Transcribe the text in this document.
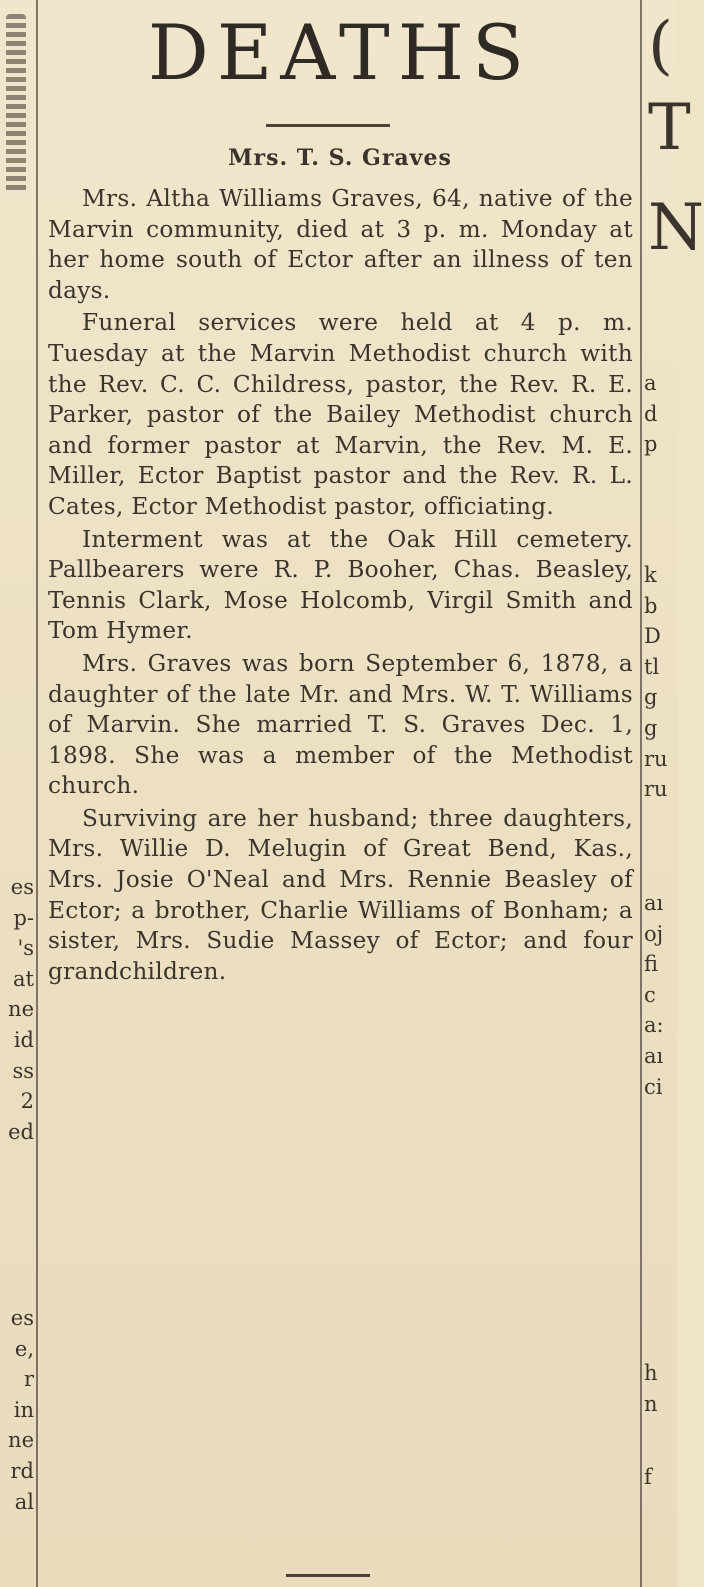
es
p-
's
at
ne
id
ss
2
ed
es
e,
r
in
ne
rd
al
(
T
N
a
d
p
k
b
D
tl
g
g
ru
ru
aı
oj
fi
c
a:
aı
ci
h
n
f
DEATHS
Mrs. T. S. Graves

Mrs. Altha Williams Graves, 64, native of the Marvin community, died at 3 p. m. Monday at her home south of Ector after an illness of ten days.

Funeral services were held at 4 p. m. Tuesday at the Marvin Methodist church with the Rev. C. C. Childress, pastor, the Rev. R. E. Parker, pastor of the Bailey Methodist church and former pastor at Marvin, the Rev. M. E. Miller, Ector Baptist pastor and the Rev. R. L. Cates, Ector Methodist pastor, officiating.

Interment was at the Oak Hill cemetery. Pallbearers were R. P. Booher, Chas. Beasley, Tennis Clark, Mose Holcomb, Virgil Smith and Tom Hymer.

Mrs. Graves was born September 6, 1878, a daughter of the late Mr. and Mrs. W. T. Williams of Marvin. She married T. S. Graves Dec. 1, 1898. She was a member of the Methodist church.

Surviving are her husband; three daughters, Mrs. Willie D. Melugin of Great Bend, Kas., Mrs. Josie O'Neal and Mrs. Rennie Beasley of Ector; a brother, Charlie Williams of Bonham; a sister, Mrs. Sudie Massey of Ector; and four grandchildren.
